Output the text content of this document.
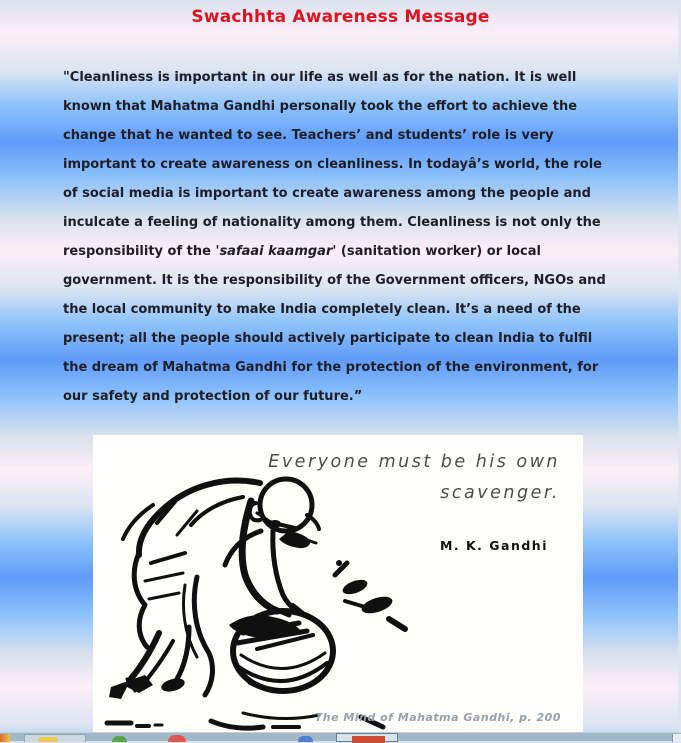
Swachhta Awareness Message

"Cleanliness is important in our life as well as for the nation. It is well known that Mahatma Gandhi personally took the effort to achieve the change that he wanted to see. Teachers’ and students’ role is very important to create awareness on cleanliness. In todayâ’s world, the role of social media is important to create awareness among the people and inculcate a feeling of nationality among them. Cleanliness is not only the responsibility of the 'safaai kaamgar' (sanitation worker) or local government. It is the responsibility of the Government officers, NGOs and the local community to make India completely clean. It’s a need of the present; all the people should actively participate to clean India to fulfil the dream of Mahatma Gandhi for the protection of the environment, for our safety and protection of our future.”

Everyone must be his own
scavenger.
M. K. Gandhi
The Mind of Mahatma Gandhi, p. 200
